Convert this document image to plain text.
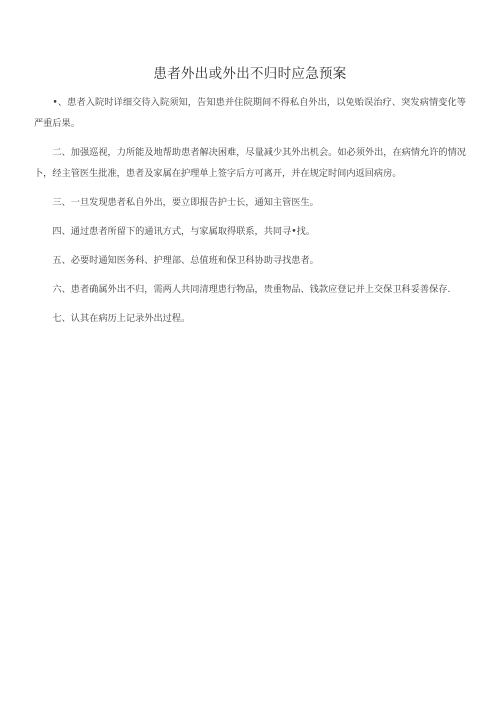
患者外出或外出不归时应急预案

•、患者入院时详细交待入院须知，告知患并住院期间不得私自外出，以免贻误治疗、突发病情变化等严重后果。

二、加强巡视，力所能及地帮助患者解决困难，尽量减少其外出机会。如必须外出，在病情允许的情况卜，经主管医生批准，患者及家属在护理单上签字后方可离开，并在规定时间内返回病房。

三、一旦发现患者私自外出，要立即报告护士长，通知主管医生。

四、通过患者所留下的通讯方式，与家属取得联系，共同寻•找。

五、必要时通知医务科、护理部、总值班和保卫科协助寻找患者。

六、患者确属外出不归，需两人共同清理患行物品，贵重物品、钱款应登记并上交保卫科妥善保存.

七、认其在病历上记录外出过程。
